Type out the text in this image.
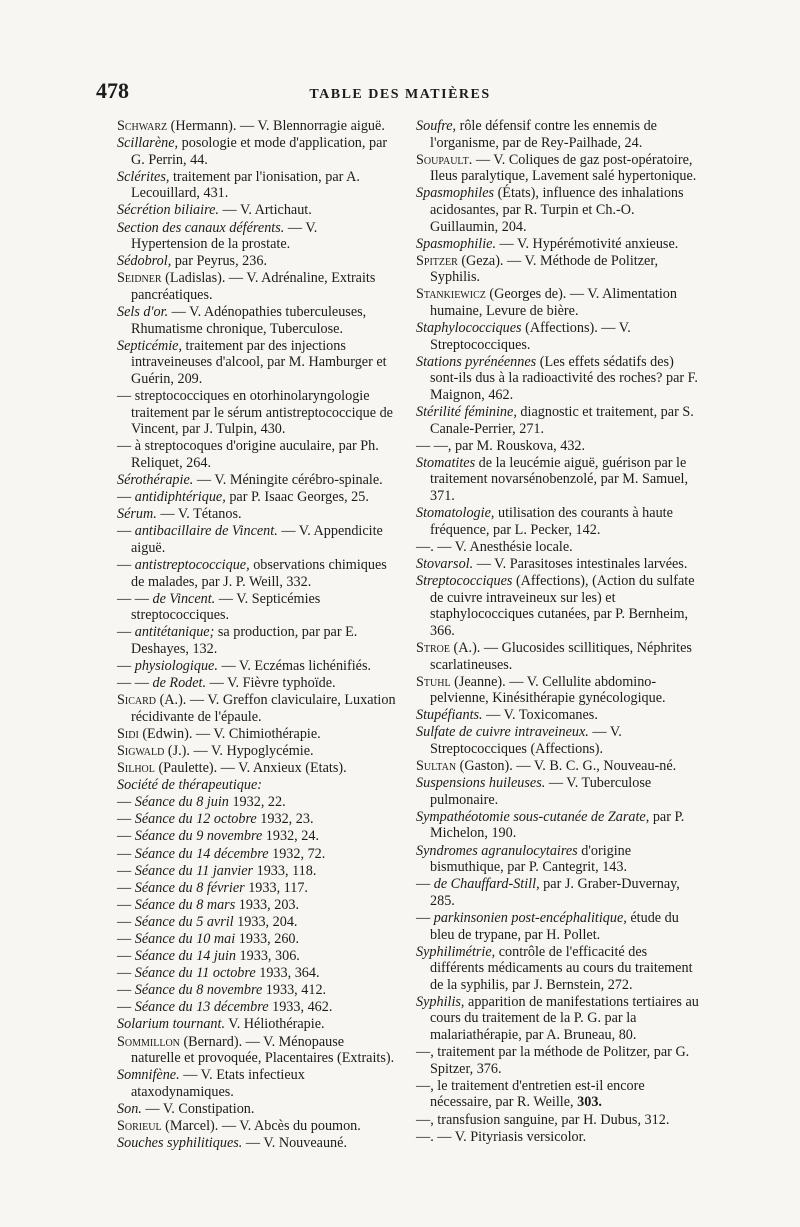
478	TABLE DES MATIÈRES
Schwarz (Hermann). — V. Blennorragie aiguë.
Scillarène, posologie et mode d'application, par G. Perrin, 44.
Sclérites, traitement par l'ionisation, par A. Lecouillard, 431.
Sécrétion biliaire. — V. Artichaut.
Section des canaux déférents. — V. Hypertension de la prostate.
Sédobrol, par Peyrus, 236.
Seidner (Ladislas). — V. Adrénaline, Extraits pancréatiques.
Sels d'or. — V. Adénopathies tuberculeuses, Rhumatisme chronique, Tuberculose.
Septicémie, traitement par des injections intraveineuses d'alcool, par M. Hamburger et Guérin, 209.
— streptococciques en otorhinolaryngologie traitement par le sérum antistreptococcique de Vincent, par J. Tulpin, 430.
— à streptocoques d'origine auculaire, par Ph. Reliquet, 264.
Sérothérapie. — V. Méningite cérébro-spinale.
— antidiphtérique, par P. Isaac Georges, 25.
Sérum. — V. Tétanos.
— antibacillaire de Vincent. — V. Appendicite aiguë.
— antistreptococcique, observations chimiques de malades, par J. P. Weill, 332.
— — de Vincent. — V. Septicémies streptococciques.
— antitétanique; sa production, par par E. Deshayes, 132.
— physiologique. — V. Eczémas lichénifiés.
— — de Rodet. — V. Fièvre typhoïde.
Sicard (A.). — V. Greffon claviculaire, Luxation récidivante de l'épaule.
Sidi (Edwin). — V. Chimiothérapie.
Sigwald (J.). — V. Hypoglycémie.
Silhol (Paulette). — V. Anxieux (Etats).
Société de thérapeutique:
— Séance du 8 juin 1932, 22.
— Séance du 12 octobre 1932, 23.
— Séance du 9 novembre 1932, 24.
— Séance du 14 décembre 1932, 72.
— Séance du 11 janvier 1933, 118.
— Séance du 8 février 1933, 117.
— Séance du 8 mars 1933, 203.
— Séance du 5 avril 1933, 204.
— Séance du 10 mai 1933, 260.
— Séance du 14 juin 1933, 306.
— Séance du 11 octobre 1933, 364.
— Séance du 8 novembre 1933, 412.
— Séance du 13 décembre 1933, 462.
Solarium tournant. V. Héliothérapie.
Sommillon (Bernard). — V. Ménopause naturelle et provoquée, Placentaires (Extraits).
Somnifène. — V. Etats infectieux ataxodynamiques.
Son. — V. Constipation.
Sorieul (Marcel). — V. Abcès du poumon.
Souches syphilitiques. — V. Nouveauné.
Soufre, rôle défensif contre les ennemis de l'organisme, par de Rey-Pailhade, 24.
Soupault. — V. Coliques de gaz post-opératoire, Ileus paralytique, Lavement salé hypertonique.
Spasmophiles (États), influence des inhalations acidosantes, par R. Turpin et Ch.-O. Guillaumin, 204.
Spasmophilie. — V. Hypérémotivité anxieuse.
Spitzer (Geza). — V. Méthode de Politzer, Syphilis.
Stankiewicz (Georges de). — V. Alimentation humaine, Levure de bière.
Staphylococciques (Affections). — V. Streptococciques.
Stations pyrénéennes (Les effets sédatifs des) sont-ils dus à la radioactivité des roches? par F. Maignon, 462.
Stérilité féminine, diagnostic et traitement, par S. Canale-Perrier, 271.
— —, par M. Rouskova, 432.
Stomatites de la leucémie aiguë, guérison par le traitement novarsénobenzolé, par M. Samuel, 371.
Stomatologie, utilisation des courants à haute fréquence, par L. Pecker, 142.
—. — V. Anesthésie locale.
Stovarsol. — V. Parasitoses intestinales larvées.
Streptococciques (Affections), (Action du sulfate de cuivre intraveineux sur les) et staphylococciques cutanées, par P. Bernheim, 366.
Stroe (A.). — Glucosides scillitiques, Néphrites scarlatineuses.
Stuhl (Jeanne). — V. Cellulite abdomino-pelvienne, Kinésithérapie gynécologique.
Stupéfiants. — V. Toxicomanes.
Sulfate de cuivre intraveineux. — V. Streptococciques (Affections).
Sultan (Gaston). — V. B. C. G., Nouveau-né.
Suspensions huileuses. — V. Tuberculose pulmonaire.
Sympathéotomie sous-cutanée de Zarate, par P. Michelon, 190.
Syndromes agranulocytaires d'origine bismuthique, par P. Cantegrit, 143.
— de Chauffard-Still, par J. Graber-Duvernay, 285.
— parkinsonien post-encéphalitique, étude du bleu de trypane, par H. Pollet.
Syphilimétrie, contrôle de l'efficacité des différents médicaments au cours du traitement de la syphilis, par J. Bernstein, 272.
Syphilis, apparition de manifestations tertiaires au cours du traitement de la P. G. par la malariathérapie, par A. Bruneau, 80.
—, traitement par la méthode de Politzer, par G. Spitzer, 376.
—, le traitement d'entretien est-il encore nécessaire, par R. Weille, 303.
—, transfusion sanguine, par H. Dubus, 312.
—. — V. Pityriasis versicolor.
